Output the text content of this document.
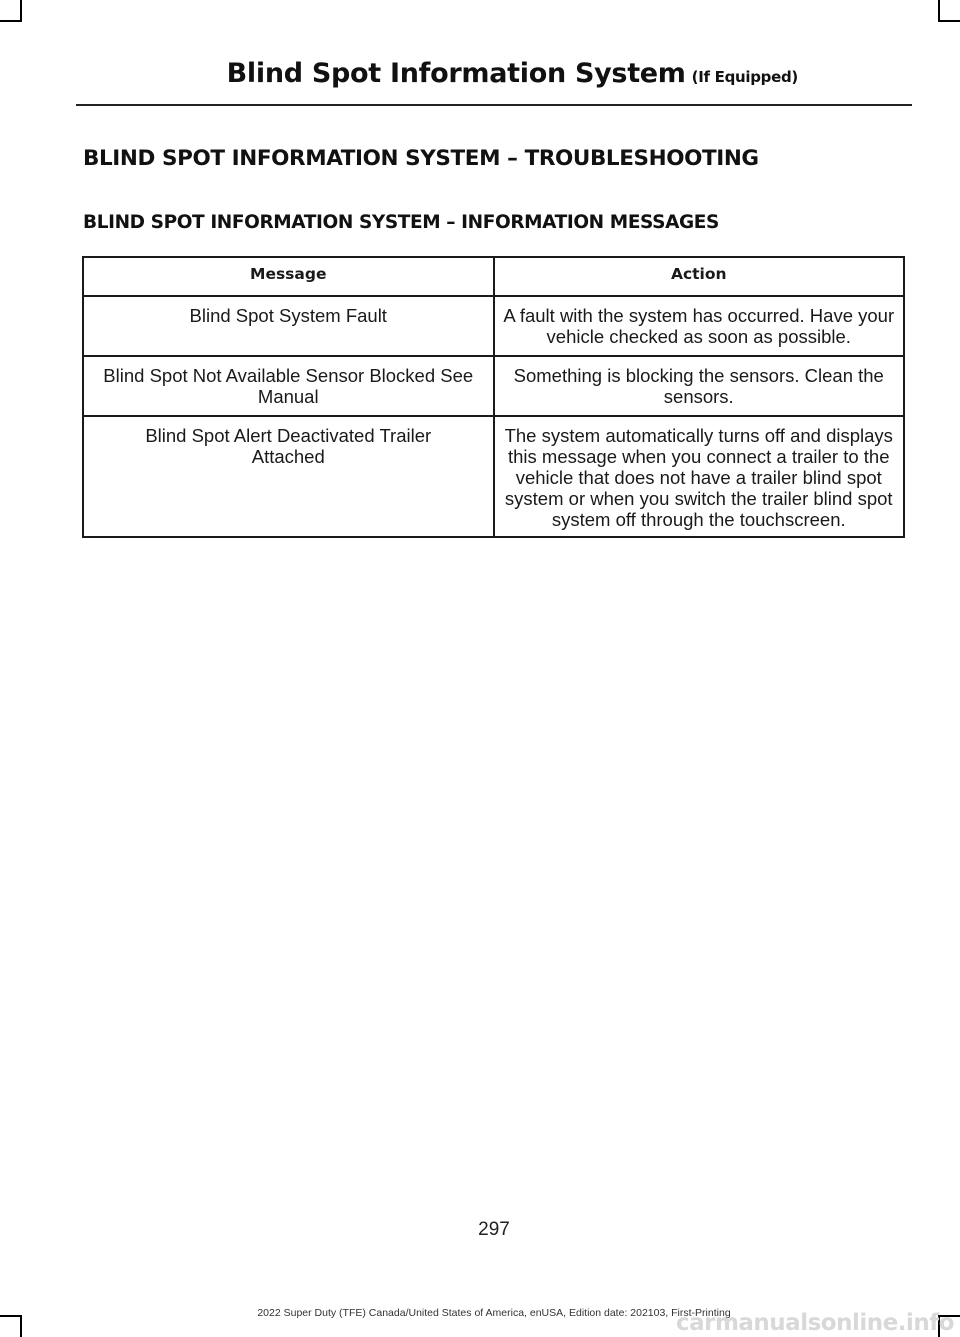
Blind Spot Information System (If Equipped)
BLIND SPOT INFORMATION SYSTEM – TROUBLESHOOTING
BLIND SPOT INFORMATION SYSTEM – INFORMATION MESSAGES
Message	Action
Blind Spot System Fault	A fault with the system has occurred. Have your vehicle checked as soon as possible.
Blind Spot Not Available Sensor Blocked See Manual	Something is blocking the sensors. Clean the sensors.
Blind Spot Alert Deactivated Trailer Attached	The system automatically turns off and displays this message when you connect a trailer to the vehicle that does not have a trailer blind spot system or when you switch the trailer blind spot system off through the touchscreen.
297
2022 Super Duty (TFE) Canada/United States of America, enUSA, Edition date: 202103, First-Printing
carmanualsonline.info
